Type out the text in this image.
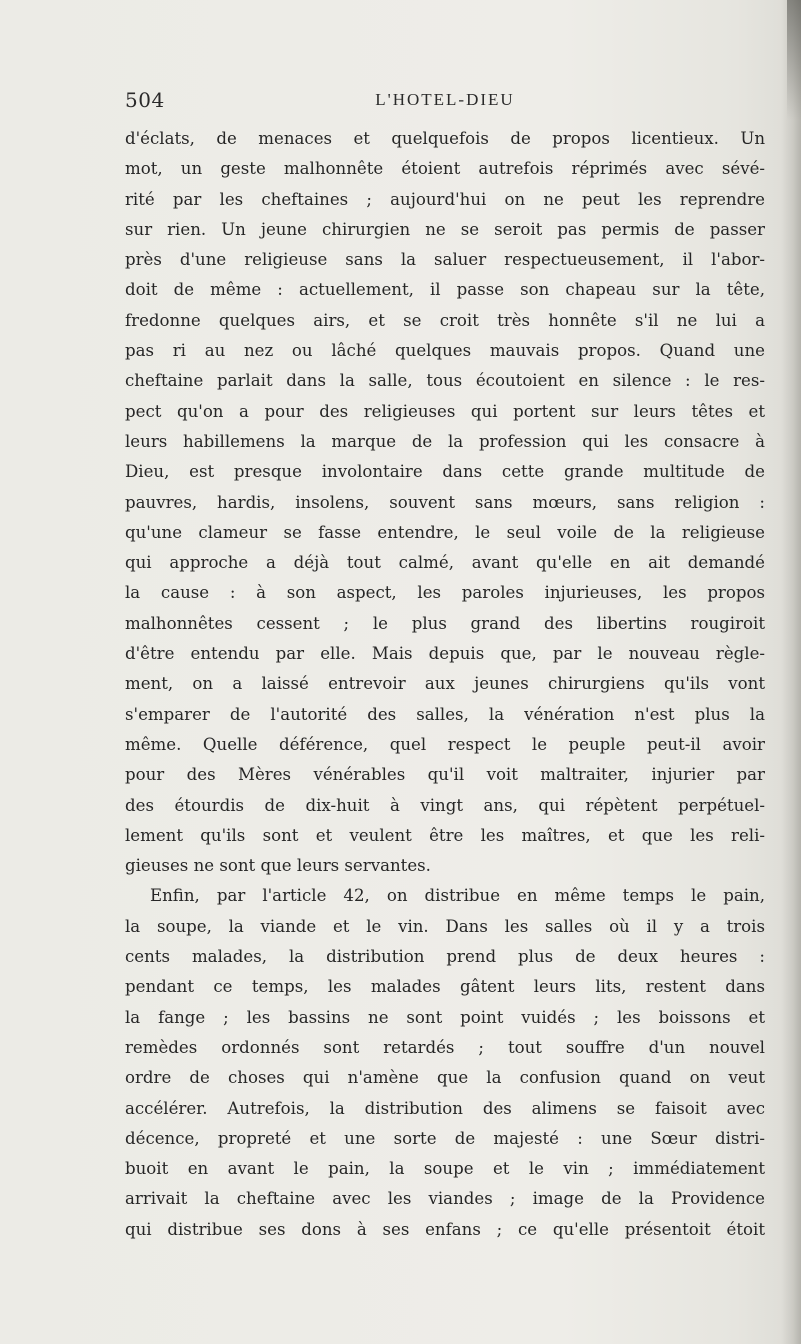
504	L'HOTEL-DIEU
d'éclats, de menaces et quelquefois de propos licentieux. Un
mot, un geste malhonnête étoient autrefois réprimés avec sévé-
rité par les cheftaines ; aujourd'hui on ne peut les reprendre
sur rien. Un jeune chirurgien ne se seroit pas permis de passer
près d'une religieuse sans la saluer respectueusement, il l'abor-
doit de même : actuellement, il passe son chapeau sur la tête,
fredonne quelques airs, et se croit très honnête s'il ne lui a
pas ri au nez ou lâché quelques mauvais propos. Quand une
cheftaine parlait dans la salle, tous écoutoient en silence : le res-
pect qu'on a pour des religieuses qui portent sur leurs têtes et
leurs habillemens la marque de la profession qui les consacre à
Dieu, est presque involontaire dans cette grande multitude de
pauvres, hardis, insolens, souvent sans mœurs, sans religion :
qu'une clameur se fasse entendre, le seul voile de la religieuse
qui approche a déjà tout calmé, avant qu'elle en ait demandé
la cause : à son aspect, les paroles injurieuses, les propos
malhonnêtes cessent ; le plus grand des libertins rougiroit
d'être entendu par elle. Mais depuis que, par le nouveau règle-
ment, on a laissé entrevoir aux jeunes chirurgiens qu'ils vont
s'emparer de l'autorité des salles, la vénération n'est plus la
même. Quelle déférence, quel respect le peuple peut-il avoir
pour des Mères vénérables qu'il voit maltraiter, injurier par
des étourdis de dix-huit à vingt ans, qui répètent perpétuel-
lement qu'ils sont et veulent être les maîtres, et que les reli-
gieuses ne sont que leurs servantes.
Enfin, par l'article 42, on distribue en même temps le pain,
la soupe, la viande et le vin. Dans les salles où il y a trois
cents malades, la distribution prend plus de deux heures :
pendant ce temps, les malades gâtent leurs lits, restent dans
la fange ; les bassins ne sont point vuidés ; les boissons et
remèdes ordonnés sont retardés ; tout souffre d'un nouvel
ordre de choses qui n'amène que la confusion quand on veut
accélérer. Autrefois, la distribution des alimens se faisoit avec
décence, propreté et une sorte de majesté : une Sœur distri-
buoit en avant le pain, la soupe et le vin ; immédiatement
arrivait la cheftaine avec les viandes ; image de la Providence
qui distribue ses dons à ses enfans ; ce qu'elle présentoit étoit
